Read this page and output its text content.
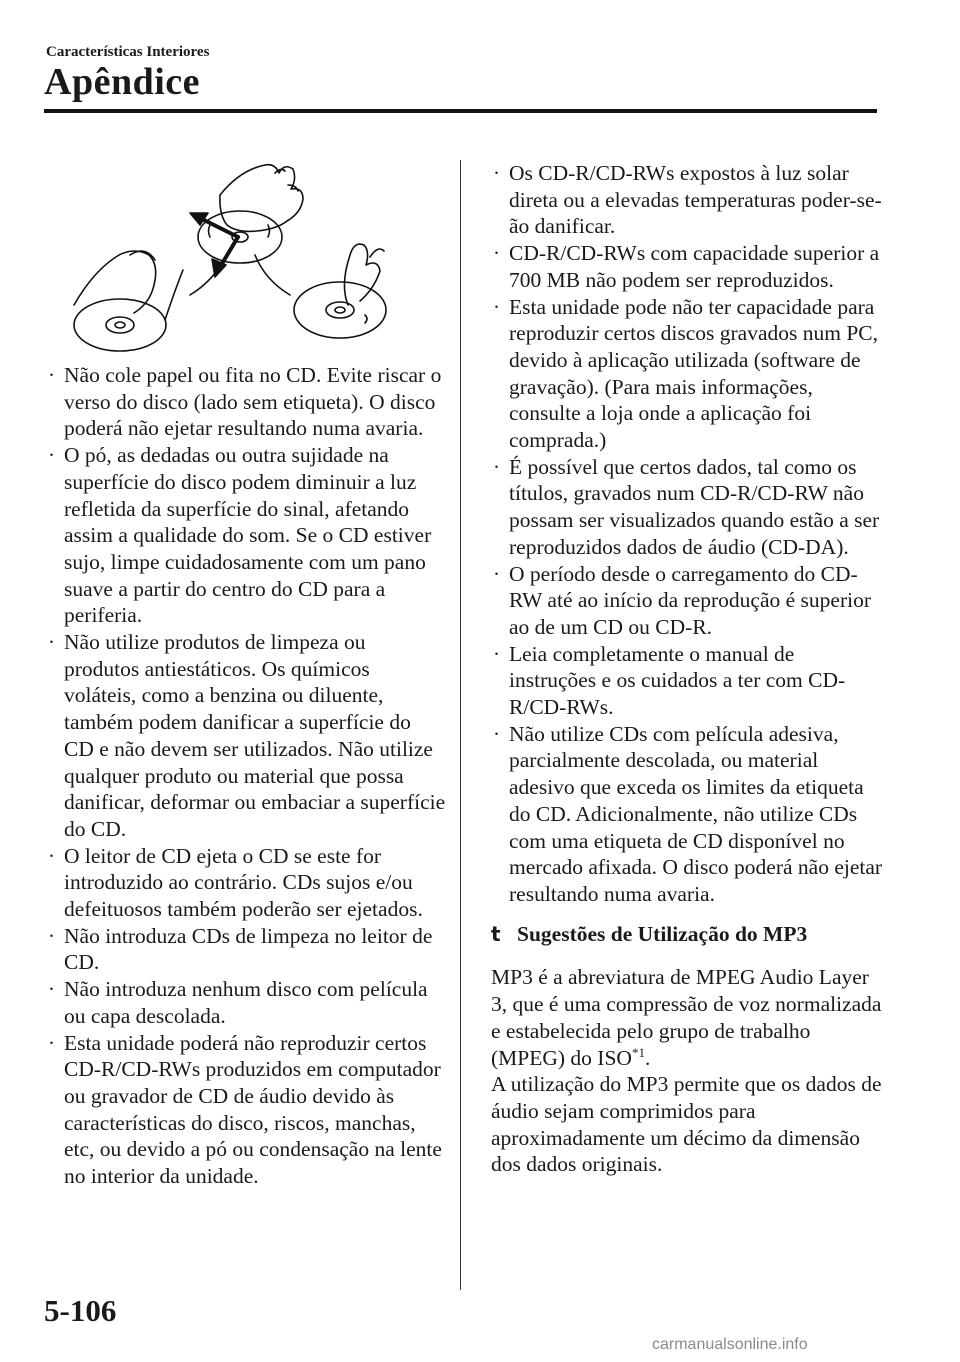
Características Interiores
Apêndice
· Não cole papel ou fita no CD. Evite riscar o verso do disco (lado sem etiqueta). O disco poderá não ejetar resultando numa avaria.
· O pó, as dedadas ou outra sujidade na superfície do disco podem diminuir a luz refletida da superfície do sinal, afetando assim a qualidade do som. Se o CD estiver sujo, limpe cuidadosamente com um pano suave a partir do centro do CD para a periferia.
· Não utilize produtos de limpeza ou produtos antiestáticos. Os químicos voláteis, como a benzina ou diluente, também podem danificar a superfície do CD e não devem ser utilizados. Não utilize qualquer produto ou material que possa danificar, deformar ou embaciar a superfície do CD.
· O leitor de CD ejeta o CD se este for introduzido ao contrário. CDs sujos e/ou defeituosos também poderão ser ejetados.
· Não introduza CDs de limpeza no leitor de CD.
· Não introduza nenhum disco com película ou capa descolada.
· Esta unidade poderá não reproduzir certos CD-R/CD-RWs produzidos em computador ou gravador de CD de áudio devido às características do disco, riscos, manchas, etc, ou devido a pó ou condensação na lente no interior da unidade.
· Os CD-R/CD-RWs expostos à luz solar direta ou a elevadas temperaturas poder-se-ão danificar.
· CD-R/CD-RWs com capacidade superior a 700 MB não podem ser reproduzidos.
· Esta unidade pode não ter capacidade para reproduzir certos discos gravados num PC, devido à aplicação utilizada (software de gravação). (Para mais informações, consulte a loja onde a aplicação foi comprada.)
· É possível que certos dados, tal como os títulos, gravados num CD-R/CD-RW não possam ser visualizados quando estão a ser reproduzidos dados de áudio (CD-DA).
· O período desde o carregamento do CD-RW até ao início da reprodução é superior ao de um CD ou CD-R.
· Leia completamente o manual de instruções e os cuidados a ter com CD-R/CD-RWs.
· Não utilize CDs com película adesiva, parcialmente descolada, ou material adesivo que exceda os limites da etiqueta do CD. Adicionalmente, não utilize CDs com uma etiqueta de CD disponível no mercado afixada. O disco poderá não ejetar resultando numa avaria.
t Sugestões de Utilização do MP3
MP3 é a abreviatura de MPEG Audio Layer 3, que é uma compressão de voz normalizada e estabelecida pelo grupo de trabalho (MPEG) do ISO$^{*1}$.
A utilização do MP3 permite que os dados de áudio sejam comprimidos para aproximadamente um décimo da dimensão dos dados originais.
5-106
carmanualsonline.info
